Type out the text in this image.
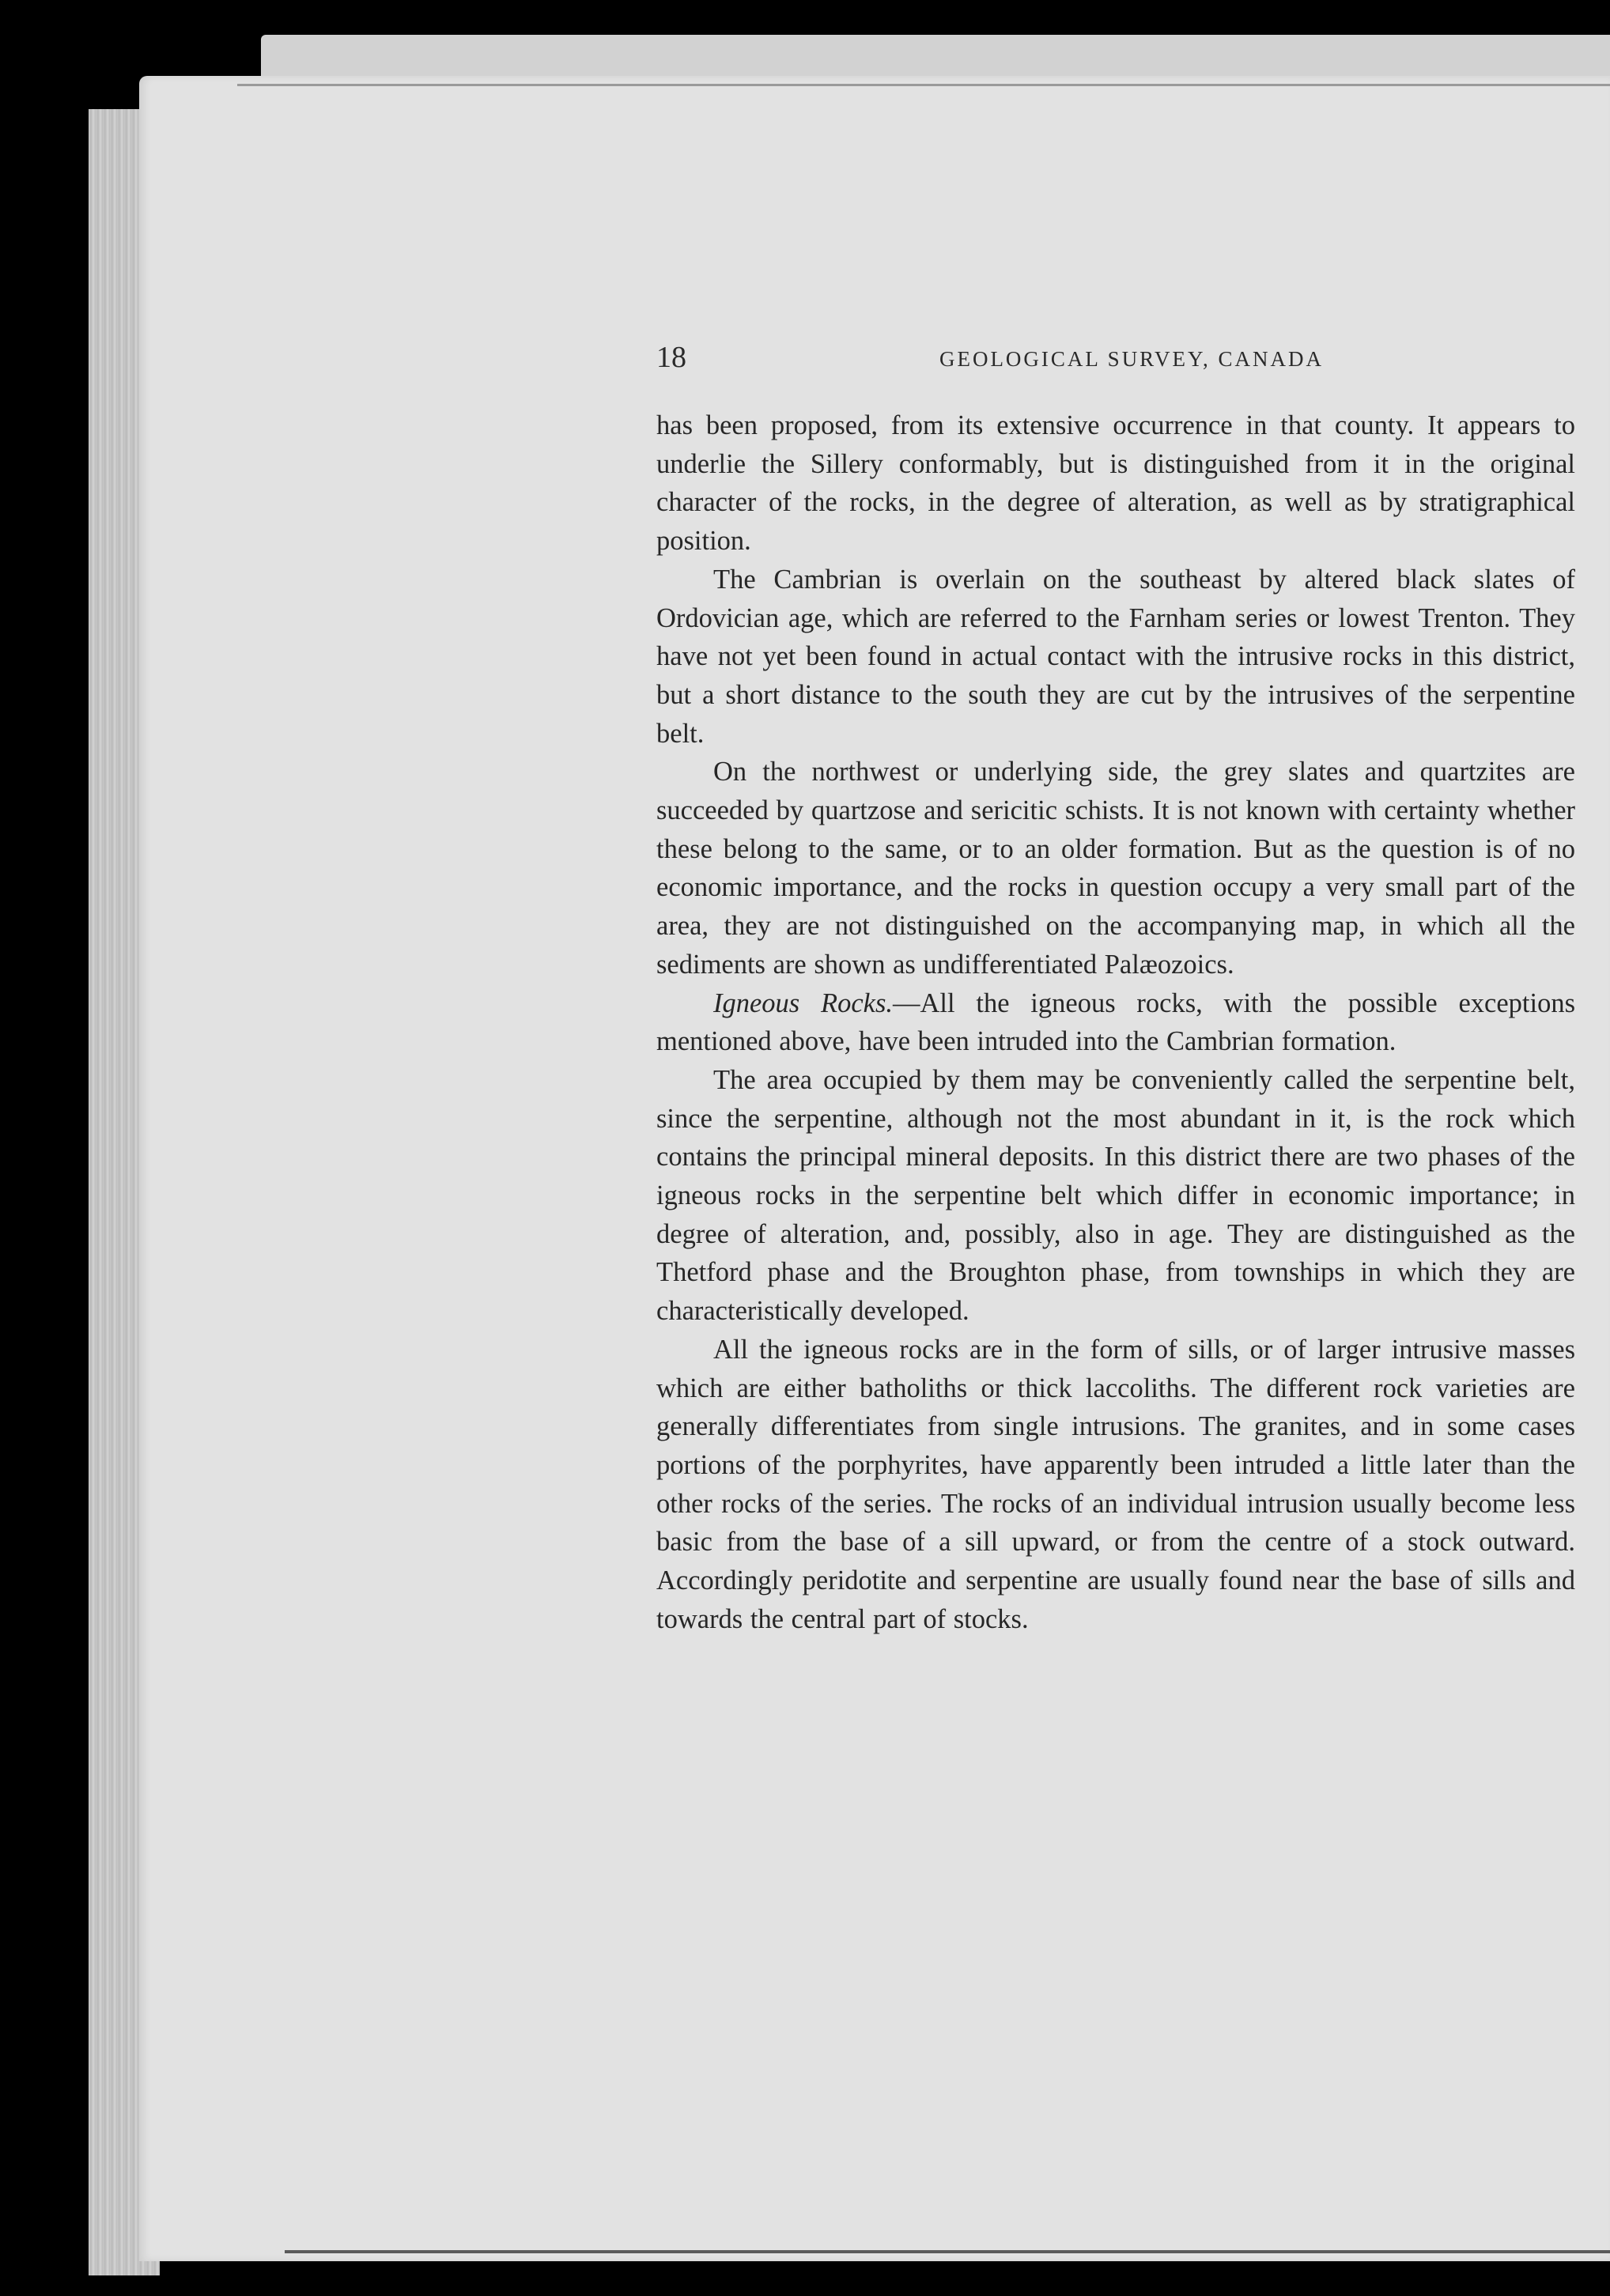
18	GEOLOGICAL SURVEY, CANADA

has been proposed, from its extensive occurrence in that county. It appears to underlie the Sillery conformably, but is distinguished from it in the original character of the rocks, in the degree of alteration, as well as by stratigraphical position.

The Cambrian is overlain on the southeast by altered black slates of Ordovician age, which are referred to the Farnham series or lowest Trenton. They have not yet been found in actual contact with the intrusive rocks in this district, but a short distance to the south they are cut by the intrusives of the serpentine belt.

On the northwest or underlying side, the grey slates and quartzites are succeeded by quartzose and sericitic schists. It is not known with certainty whether these belong to the same, or to an older formation. But as the question is of no economic importance, and the rocks in question occupy a very small part of the area, they are not distinguished on the accompanying map, in which all the sediments are shown as undifferentiated Palæozoics.

Igneous Rocks.—All the igneous rocks, with the possible exceptions mentioned above, have been intruded into the Cambrian formation.

The area occupied by them may be conveniently called the serpentine belt, since the serpentine, although not the most abundant in it, is the rock which contains the principal mineral deposits. In this district there are two phases of the igneous rocks in the serpentine belt which differ in economic importance; in degree of alteration, and, possibly, also in age. They are distinguished as the Thetford phase and the Broughton phase, from townships in which they are characteristically developed.

All the igneous rocks are in the form of sills, or of larger intrusive masses which are either batholiths or thick laccoliths. The different rock varieties are generally differentiates from single intrusions. The granites, and in some cases portions of the porphyrites, have apparently been intruded a little later than the other rocks of the series. The rocks of an individual intrusion usually become less basic from the base of a sill upward, or from the centre of a stock outward. Accordingly peridotite and serpentine are usually found near the base of sills and towards the central part of stocks.
